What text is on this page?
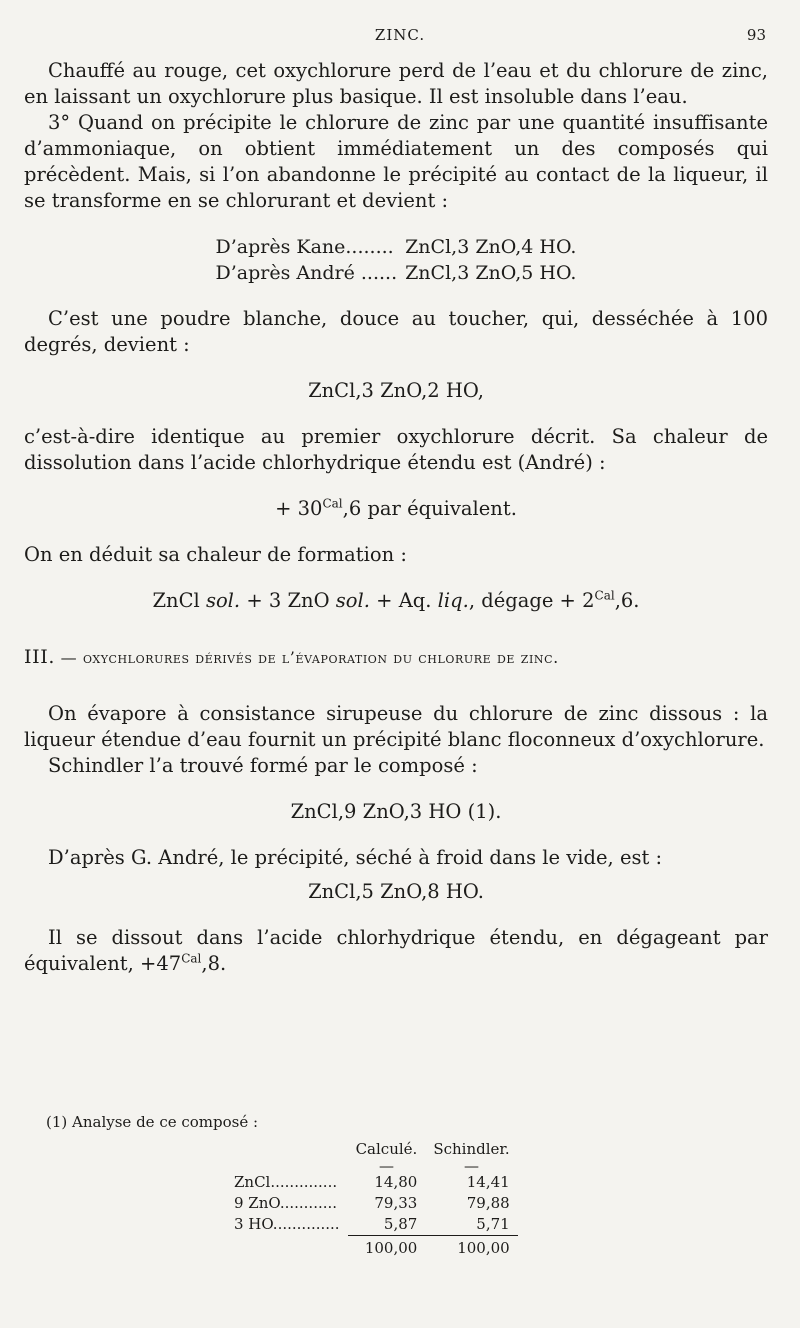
ZINC.	93

Chauffé au rouge, cet oxychlorure perd de l’eau et du chlorure de zinc, en laissant un oxychlorure plus basique. Il est insoluble dans l’eau.

3° Quand on précipite le chlorure de zinc par une quantité insuffisante d’ammoniaque, on obtient immédiatement un des composés qui précèdent. Mais, si l’on abandonne le précipité au contact de la liqueur, il se transforme en se chlorurant et devient :

D’après Kane........	ZnCl,3 ZnO,4 HO.
D’après André ......	ZnCl,3 ZnO,5 HO.

C’est une poudre blanche, douce au toucher, qui, desséchée à 100 degrés, devient :

ZnCl,3 ZnO,2 HO,

c’est-à-dire identique au premier oxychlorure décrit. Sa chaleur de dissolution dans l’acide chlorhydrique étendu est (André) :

+ $30^{Cal},6$ par équivalent.

On en déduit sa chaleur de formation :

ZnCl sol. + 3 ZnO sol. + Aq. liq., dégage + $2^{Cal},6$.

III. — oxychlorures dérivés de l’évaporation du chlorure de zinc.

On évapore à consistance sirupeuse du chlorure de zinc dissous : la liqueur étendue d’eau fournit un précipité blanc floconneux d’oxychlorure.

Schindler l’a trouvé formé par le composé :

ZnCl,9 ZnO,3 HO (1).

D’après G. André, le précipité, séché à froid dans le vide, est :

ZnCl,5 ZnO,8 HO.

Il se dissout dans l’acide chlorhydrique étendu, en dégageant par équivalent, $+47^{Cal},8$.

(1) Analyse de ce composé :
	Calculé.	Schindler.
	—	—
ZnCl..............	14,80	14,41
9 ZnO............	79,33	79,88
3 HO..............	5,87	5,71
	100,00	100,00
